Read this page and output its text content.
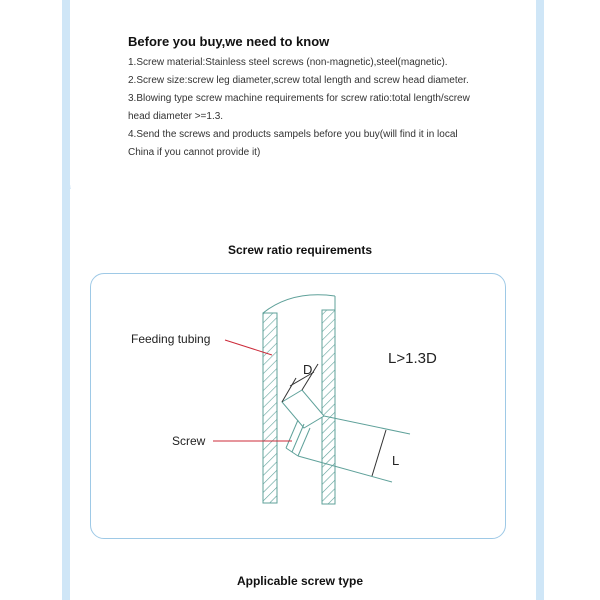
Before you buy,we need to know

1.Screw material:Stainless steel screws (non-magnetic),steel(magnetic).

2.Screw size:screw leg diameter,screw total length and screw head diameter.

3.Blowing type screw machine requirements for screw ratio:total length/screw head diameter >=1.3.

4.Send the screws and products sampels before you buy(will find it in local China if you cannot provide it)

Screw ratio requirements
Feeding tubing
Screw
D
L
L>1.3D
Applicable screw type
